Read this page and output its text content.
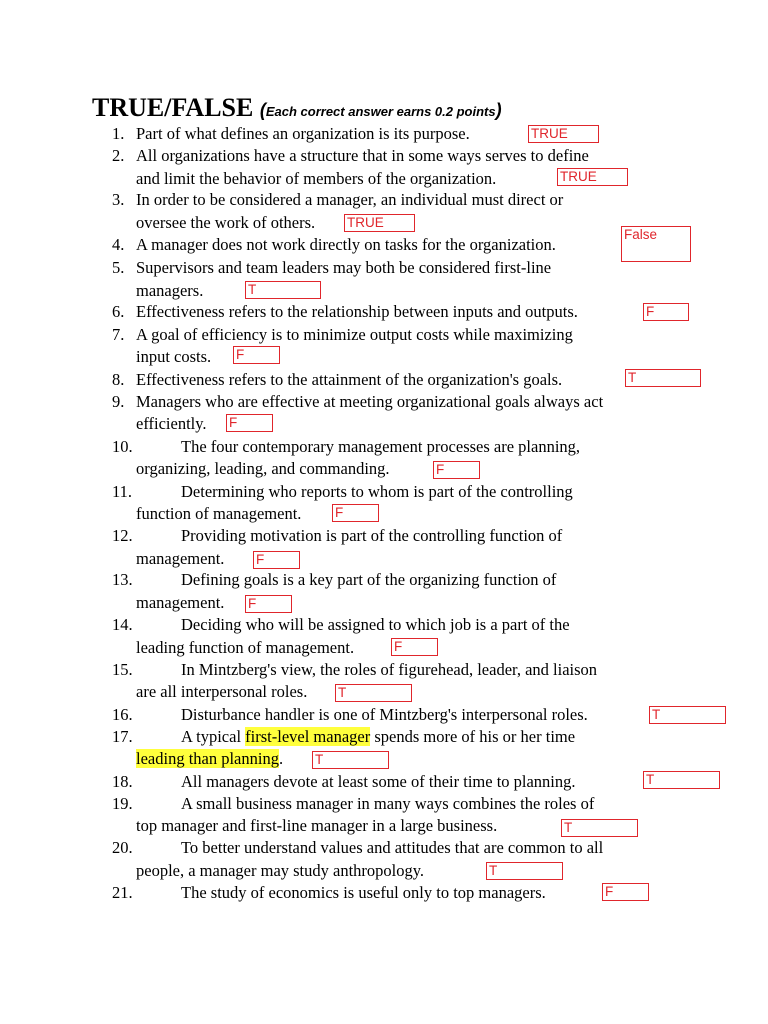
TRUE/FALSE (Each correct answer earns 0.2 points)
1.
2.
3.
4.
5.
6.
7.
8.
9.
10.
11.
12.
13.
14.
15.
16.
17.
18.
19.
20.
21.
Part of what defines an organization is its purpose.
All organizations have a structure that in some ways serves to define
and limit the behavior of members of the organization.
In order to be considered a manager, an individual must direct or
oversee the work of others.
A manager does not work directly on tasks for the organization.
Supervisors and team leaders may both be considered first-line
managers.
Effectiveness refers to the relationship between inputs and outputs.
A goal of efficiency is to minimize output costs while maximizing
input costs.
Effectiveness refers to the attainment of the organization's goals.
Managers who are effective at meeting organizational goals always act
efficiently.
The four contemporary management processes are planning,
organizing, leading, and commanding.
Determining who reports to whom is part of the controlling
function of management.
Providing motivation is part of the controlling function of
management.
Defining goals is a key part of the organizing function of
management.
Deciding who will be assigned to which job is a part of the
leading function of management.
In Mintzberg's view, the roles of figurehead, leader, and liaison
are all interpersonal roles.
Disturbance handler is one of Mintzberg's interpersonal roles.
A typical first-level manager spends more of his or her time
leading than planning.
All managers devote at least some of their time to planning.
A small business manager in many ways combines the roles of
top manager and first-line manager in a large business.
To better understand values and attitudes that are common to all
people, a manager may study anthropology.
The study of economics is useful only to top managers.
TRUE
TRUE
TRUE
False
T
F
F
T
F
F
F
F
F
F
T
T
T
T
T
T
F
